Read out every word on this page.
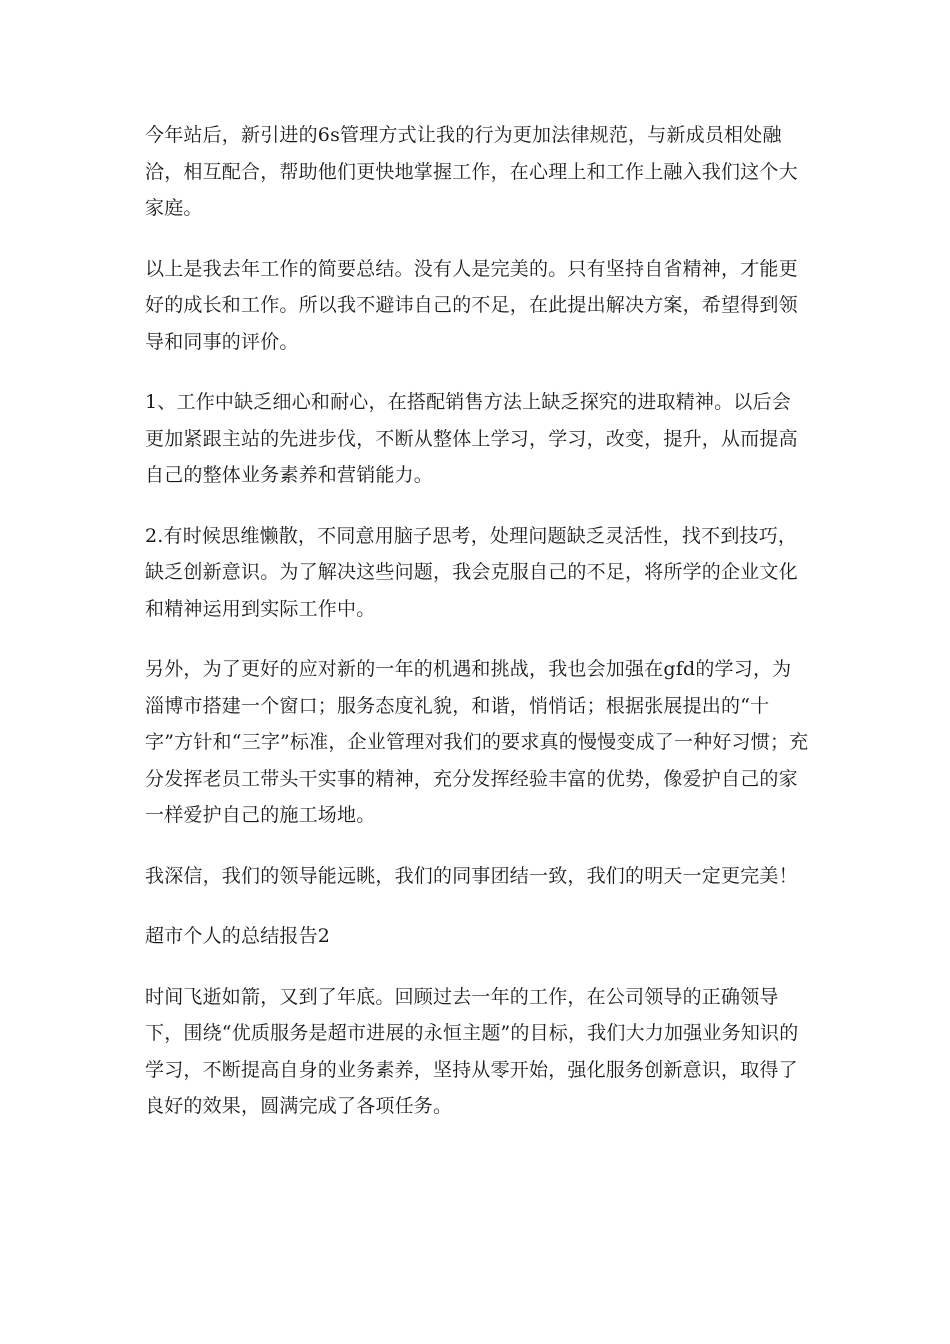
今年站后，新引进的6s管理方式让我的行为更加法律规范，与新成员相处融洽，相互配合，帮助他们更快地掌握工作，在心理上和工作上融入我们这个大家庭。

以上是我去年工作的简要总结。没有人是完美的。只有坚持自省精神，才能更好的成长和工作。所以我不避讳自己的不足，在此提出解决方案，希望得到领导和同事的评价。

1、工作中缺乏细心和耐心，在搭配销售方法上缺乏探究的进取精神。以后会更加紧跟主站的先进步伐，不断从整体上学习，学习，改变，提升，从而提高自己的整体业务素养和营销能力。

2.有时候思维懒散，不同意用脑子思考，处理问题缺乏灵活性，找不到技巧，缺乏创新意识。为了解决这些问题，我会克服自己的不足，将所学的企业文化和精神运用到实际工作中。

另外，为了更好的应对新的一年的机遇和挑战，我也会加强在gfd的学习，为淄博市搭建一个窗口；服务态度礼貌，和谐，悄悄话；根据张展提出的“十字”方针和“三字”标准，企业管理对我们的要求真的慢慢变成了一种好习惯；充分发挥老员工带头干实事的精神，充分发挥经验丰富的优势，像爱护自己的家一样爱护自己的施工场地。

我深信，我们的领导能远眺，我们的同事团结一致，我们的明天一定更完美！

超市个人的总结报告2

时间飞逝如箭，又到了年底。回顾过去一年的工作，在公司领导的正确领导下，围绕“优质服务是超市进展的永恒主题”的目标，我们大力加强业务知识的学习，不断提高自身的业务素养，坚持从零开始，强化服务创新意识，取得了良好的效果，圆满完成了各项任务。
